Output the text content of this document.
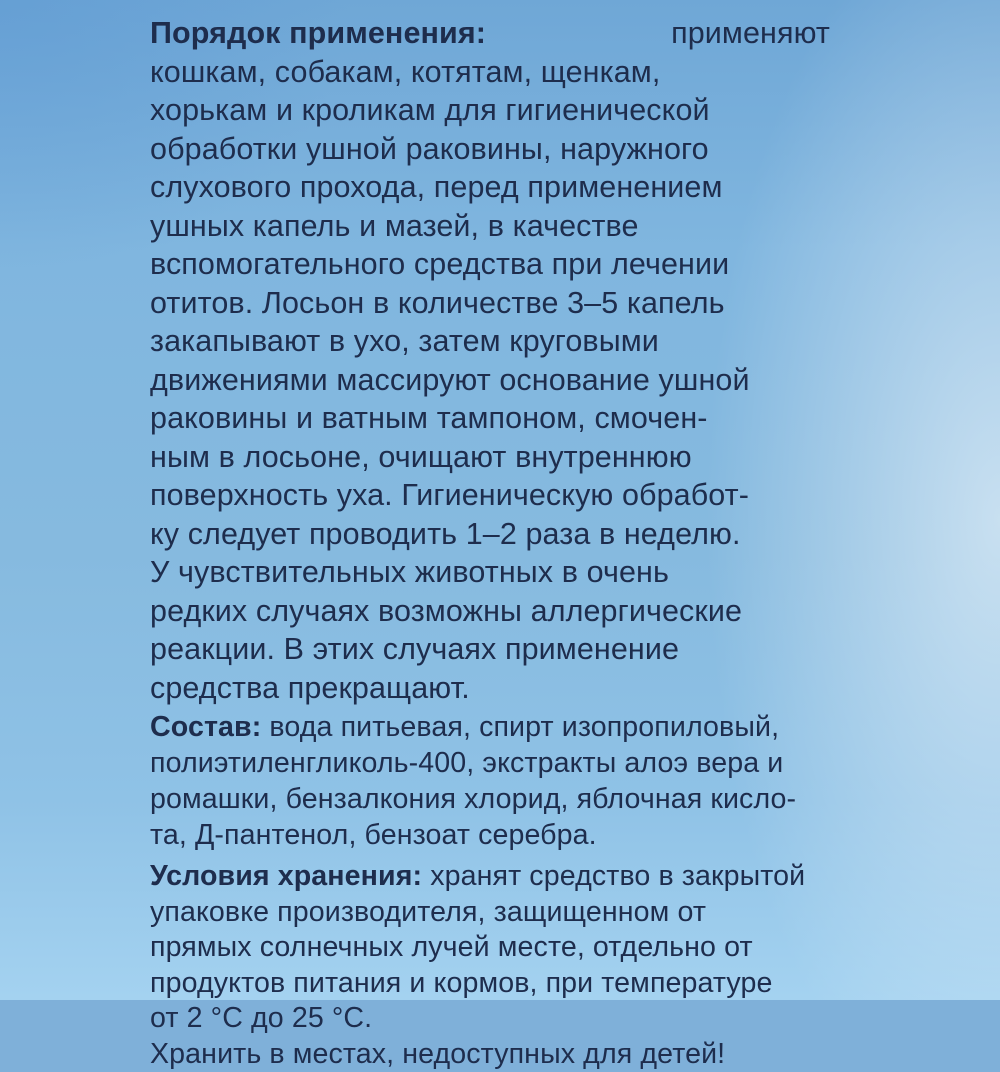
Порядок применения:	применяют
кошкам, собакам, котятам, щенкам,
хорькам и кроликам для гигиенической
обработки ушной раковины, наружного
слухового прохода, перед применением
ушных капель и мазей, в качестве
вспомогательного средства при лечении
отитов. Лосьон в количестве 3–5 капель
закапывают в ухо, затем круговыми
движениями массируют основание ушной
раковины и ватным тампоном, смочен-
ным в лосьоне, очищают внутреннюю
поверхность уха. Гигиеническую обработ-
ку следует проводить 1–2 раза в неделю.
У чувствительных животных в очень
редких случаях возможны аллергические
реакции. В этих случаях применение
средства прекращают.
Состав: вода питьевая, спирт изопропиловый,
полиэтиленгликоль-400, экстракты алоэ вера и
ромашки, бензалкония хлорид, яблочная кисло-
та, Д-пантенол, бензоат серебра.
Условия хранения: хранят средство в закрытой
упаковке производителя, защищенном от
прямых солнечных лучей месте, отдельно от
продуктов питания и кормов, при температуре
от 2 °С до 25 °С.
Хранить в местах, недоступных для детей!
